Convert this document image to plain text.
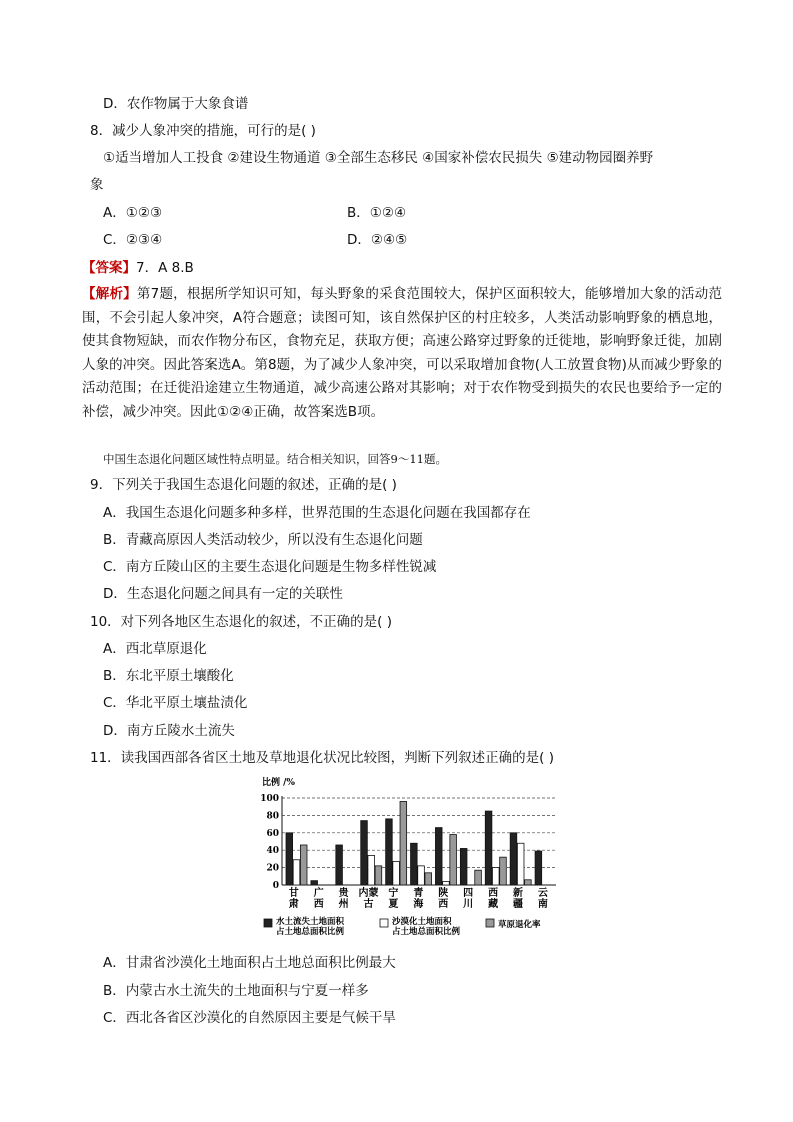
D．农作物属于大象食谱
8．减少人象冲突的措施，可行的是( )
①适当增加人工投食 ②建设生物通道 ③全部生态移民 ④国家补偿农民损失 ⑤建动物园圈养野
象
A．①②③	B．①②④
C．②③④	D．②④⑤
【答案】7．A 8.B
【解析】第7题，根据所学知识可知，每头野象的采食范围较大，保护区面积较大，能够增加大象的活动范围，不会引起人象冲突，A符合题意；读图可知，该自然保护区的村庄较多，人类活动影响野象的栖息地，使其食物短缺，而农作物分布区，食物充足，获取方便；高速公路穿过野象的迁徙地，影响野象迁徙，加剧人象的冲突。因此答案选A。第8题，为了减少人象冲突，可以采取增加食物(人工放置食物)从而减少野象的活动范围；在迁徙沿途建立生物通道，减少高速公路对其影响；对于农作物受到损失的农民也要给予一定的补偿，减少冲突。因此①②④正确，故答案选B项。
中国生态退化问题区域性特点明显。结合相关知识，回答9～11题。
9．下列关于我国生态退化问题的叙述，正确的是( )
A．我国生态退化问题多种多样，世界范围的生态退化问题在我国都存在
B．青藏高原因人类活动较少，所以没有生态退化问题
C．南方丘陵山区的主要生态退化问题是生物多样性锐减
D．生态退化问题之间具有一定的关联性
10．对下列各地区生态退化的叙述，不正确的是( )
A．西北草原退化
B．东北平原土壤酸化
C．华北平原土壤盐渍化
D．南方丘陵水土流失
11．读我国西部各省区土地及草地退化状况比较图，判断下列叙述正确的是( )
比例 /%
0
20
40
60
80
100
甘
肃
广
西
贵
州
内蒙
古
宁
夏
青
海
陕
西
四
川
西
藏
新
疆
云
南
水土流失土地面积
占土地总面积比例
沙漠化土地面积
占土地总面积比例
草原退化率
A．甘肃省沙漠化土地面积占土地总面积比例最大
B．内蒙古水土流失的土地面积与宁夏一样多
C．西北各省区沙漠化的自然原因主要是气候干旱
